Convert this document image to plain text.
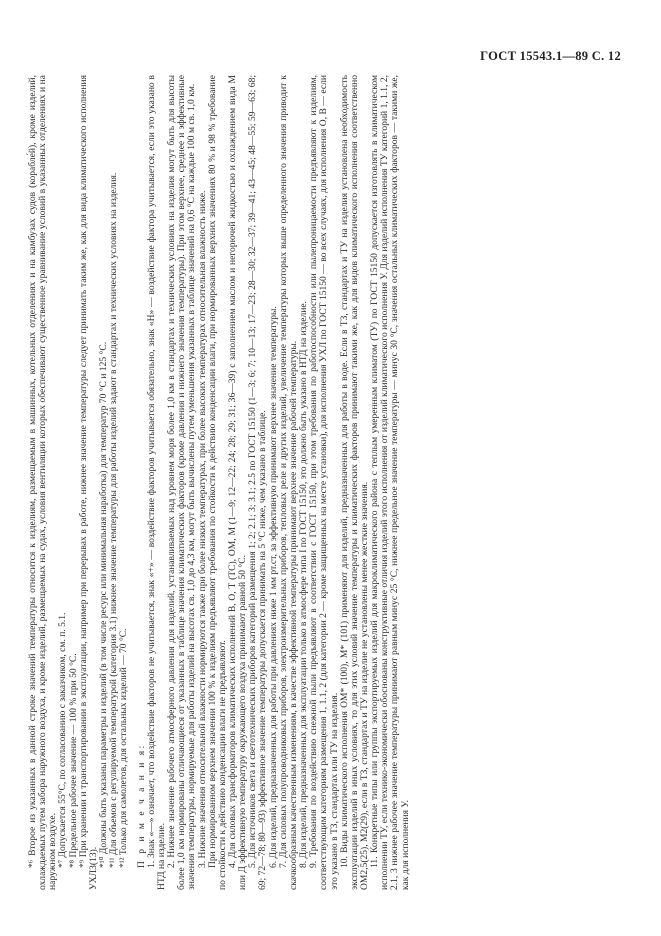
ГОСТ 15543.1—89 С. 12

*⁶ Второе из указанных в данной строке значений температуры относится к изделиям, размещаемым в машинных, котельных отделениях и на камбузах судов (корабле́й), кроме изделий, охлаждаемых путем забора наружного воздуха, и кроме изделий, размещаемых на судах, условия вентиляции которых обеспечивают существенное уравнивание условий в указанных отделениях и на наружном воздухе. *⁷ Допускается 55°С, по согласованию с заказчиком, см. п. 5.1. *⁸ Предельное рабочее значение — 100 % при 50 °С. *⁹ При хранении и транспортировании в эксплуатации, например при перерывах в работе, нижнее значение температуры следует принимать таким же, как для вида климатического исполнения УХЛ3(13).

*¹⁰ Должны быть указаны параметры и изделий (в том числе ресурс или минимальная наработка) для температур 70 °С и 125 °С. *¹¹ Для объемов с регулируемой температурой (категория 3.1) нижнее значение температуры для работы изделий задают в стандартах и технических условиях на изделия. *¹² Только для самолетов, для остальных изделий — 70 °С. П р и м е ч а н и я: 1. Знак «—» означает, что воздействие факторов не учитывается, знак «+» — воздействие факторов учитывается обязательно, знак «Н» — воздействие фактора учитывается, если это указано в НТД на изделие. 2. Нижнее значение рабочего атмосферного давления для изделий, устанавливаемых над уровнем моря более 1,0 км в стандартах и технических условиях на изделия могут быть для высоты более 1,0 км нормированы отличающиеся от указанных в таблице значения климатических факторов (кроме давления и нижнего значения температуры). При этом верхнее, среднее и эффективные значения температуры, нормируемые для работы изделий на высотах св. 1,0 до 4,3 км, могут быть вычислены путем уменьшения указанных в таблице значений на 0,6 °С на каждые 100 м св. 1,0 км. 3. Нижние значения относительной влажности нормируются также при более низких температурах, при более высоких температурах относительная влажность ниже. При нормированном верхнем значении 100 % к изделиям предъявляют требования по стойкости к действию конденсации влаги, при нормированных верхних значениях 80 % и 98 % требование по стойкости к действию конденсации влаги не предъявляют. 4. Для силовых трансформаторов климатических исполнений В, О, Т (ТС), ОМ, М (1—9; 12—22; 24; 28; 29; 31; 36—39) с заполнением маслом и негорючей жидкостью и охлаждением вида М или Д эффективную температуру окружающего воздуха принимают равной 50 °С. 5. Для источников света и светотехнических приборов категорий размещения 1; 2; 2.1; 3; 3.1; 2.5 по ГОСТ 15150 (1—3; 6; 7; 10—13; 17—23; 28—30; 32—37; 39—41; 43—45; 48—55; 59—63; 68; 69; 72—78; 80—93) эффективное значение температуры допускается принимать на 5 °С ниже, чем указано в таблице. 6. Для изделий, предназначенных для работы при давлениях ниже 1 мм рт.ст, за эффективную принимают верхнее значение температуры. 7. Для силовых полупроводниковых приборов, электроизмерительных приборов, тепловых реле и других изделий, увеличение температуры которых выше определенного значения приводит к скачкообразным качественным изменениям, в качестве эффективной температуры принимают верхнее значение рабочей температуры. 8. Для изделий, предназначенных для эксплуатации только в атмосфере типа I по ГОСТ 15150, это должно быть указано в НТД на изделие. 9. Требования по воздействию снежной пыли предъявляют в соответствии с ГОСТ 15150, при этом требования по работоспособности или пылепроницаемости предъявляют к изделиям, соответствующим категориям размещения 1, 1.1, 2 (для категории 2 — кроме защищенных на месте установки), для исполнения УХЛ по ГОСТ 15150 — во всех случаях, для исполнения О, В — если это указано в ТЗ, стандартах или ТУ на изделия. 10. Виды климатического исполнения ОМ* (100), М* (101) применяют для изделий, предназначенных для работы в воде. Если в ТЗ, стандартах и ТУ на изделия установлена необходимость эксплуатации изделий в иных условиях, то для этих условий значение температуры и климатических факторов принимают такими же, как для видов климатического исполнения соответственно ОМ2,5(25), М2(29), если в ТЗ, стандартах и ТУ на изделие не установлены менее жесткие значения. 11. Конкретные типы или группы экспортируемых изделий для макроклиматического района с теплым умеренным климатом (ТУ) по ГОСТ 15150 допускается изготовлять в климатическом исполнении ТУ, если технико-экономически обоснованы конструктивные отличия изделий этого исполнения от изделий климатического исполнения У. Для изделий исполнения ТУ категорий 1, 1.1, 2, 2.1, 3 нижнее рабочее значение температуры принимают равным минус 25 °С, нижнее предельное значение температуры — минус 30 °С, значения остальных климатических факторов — такими же, как для исполнения У.
